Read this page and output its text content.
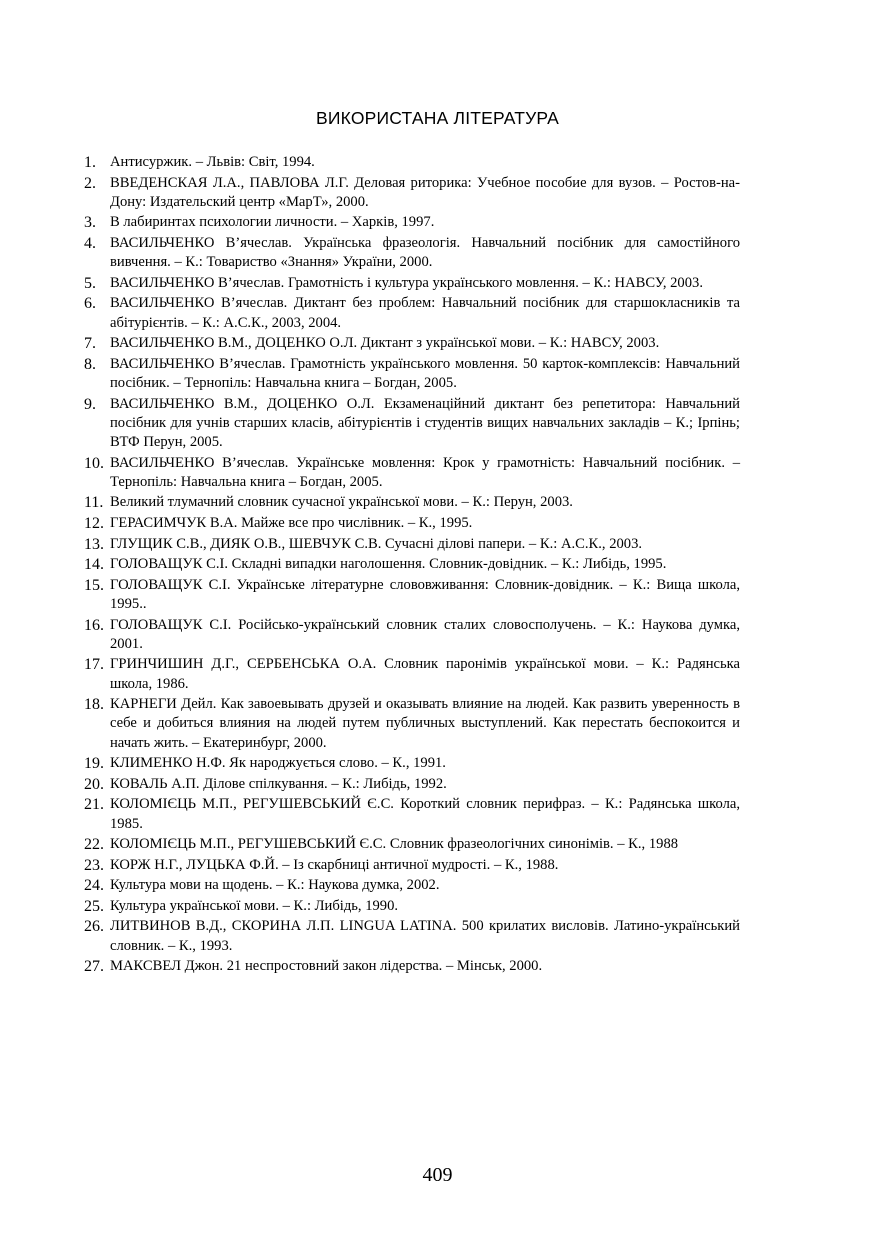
ВИКОРИСТАНА ЛІТЕРАТУРА
1. Антисуржик. – Львів: Світ, 1994.
2. ВВЕДЕНСКАЯ Л.А., ПАВЛОВА Л.Г. Деловая риторика: Учебное пособие для вузов. – Ростов-на-Дону: Издательский центр «МарТ», 2000.
3. В лабиринтах психологии личности. – Харків, 1997.
4. ВАСИЛЬЧЕНКО В’ячеслав. Українська фразеологія. Навчальний посібник для самостійного вивчення. – К.: Товариство «Знання» України, 2000.
5. ВАСИЛЬЧЕНКО В’ячеслав. Грамотність і культура українського мовлення. – К.: НАВСУ, 2003.
6. ВАСИЛЬЧЕНКО В’ячеслав. Диктант без проблем: Навчальний посібник для старшокласників та абітурієнтів. – К.: А.С.К., 2003, 2004.
7. ВАСИЛЬЧЕНКО В.М., ДОЦЕНКО О.Л. Диктант з української мови. – К.: НАВСУ, 2003.
8. ВАСИЛЬЧЕНКО В’ячеслав. Грамотність українського мовлення. 50 карток-комплексів: Навчальний посібник. – Тернопіль: Навчальна книга – Богдан, 2005.
9. ВАСИЛЬЧЕНКО В.М., ДОЦЕНКО О.Л. Екзаменаційний диктант без репетитора: Навчальний посібник для учнів старших класів, абітурієнтів і студентів вищих навчальних закладів – К.; Ірпінь; ВТФ Перун, 2005.
10. ВАСИЛЬЧЕНКО В’ячеслав. Українське мовлення: Крок у грамотність: Навчальний посібник. – Тернопіль: Навчальна книга – Богдан, 2005.
11. Великий тлумачний словник сучасної української мови. – К.: Перун, 2003.
12. ГЕРАСИМЧУК В.А. Майже все про числівник. – К., 1995.
13. ГЛУЩИК С.В., ДИЯК О.В., ШЕВЧУК С.В. Сучасні ділові папери. – К.: А.С.К., 2003.
14. ГОЛОВАЩУК С.І. Складні випадки наголошення. Словник-довідник. – К.: Либідь, 1995.
15. ГОЛОВАЩУК С.І. Українське літературне слововживання: Словник-довідник. – К.: Вища школа, 1995..
16. ГОЛОВАЩУК С.І. Російсько-український словник сталих словосполучень. – К.: Наукова думка, 2001.
17. ГРИНЧИШИН Д.Г., СЕРБЕНСЬКА О.А. Словник паронімів української мови. – К.: Радянська школа, 1986.
18. КАРНЕГИ Дейл. Как завоевывать друзей и оказывать влияние на людей. Как развить уверенность в себе и добиться влияния на людей путем публичных выступлений. Как перестать беспокоится и начать жить. – Екатеринбург, 2000.
19. КЛИМЕНКО Н.Ф. Як народжується слово. – К., 1991.
20. КОВАЛЬ А.П. Ділове спілкування. – К.: Либідь, 1992.
21. КОЛОМІЄЦЬ М.П., РЕГУШЕВСЬКИЙ Є.С. Короткий словник перифраз. – К.: Радянська школа, 1985.
22. КОЛОМІЄЦЬ М.П., РЕГУШЕВСЬКИЙ Є.С. Словник фразеологічних синонімів. – К., 1988
23. КОРЖ Н.Г., ЛУЦЬКА Ф.Й. – Із скарбниці античної мудрості. – К., 1988.
24. Культура мови на щодень. – К.: Наукова думка, 2002.
25. Культура української мови. – К.: Либідь, 1990.
26. ЛИТВИНОВ В.Д., СКОРИНА Л.П. LINGUA LATINA. 500 крилатих висловів. Латино-український словник. – К., 1993.
27. МАКСВЕЛ Джон. 21 неспростовний закон лідерства. – Мінськ, 2000.
409
